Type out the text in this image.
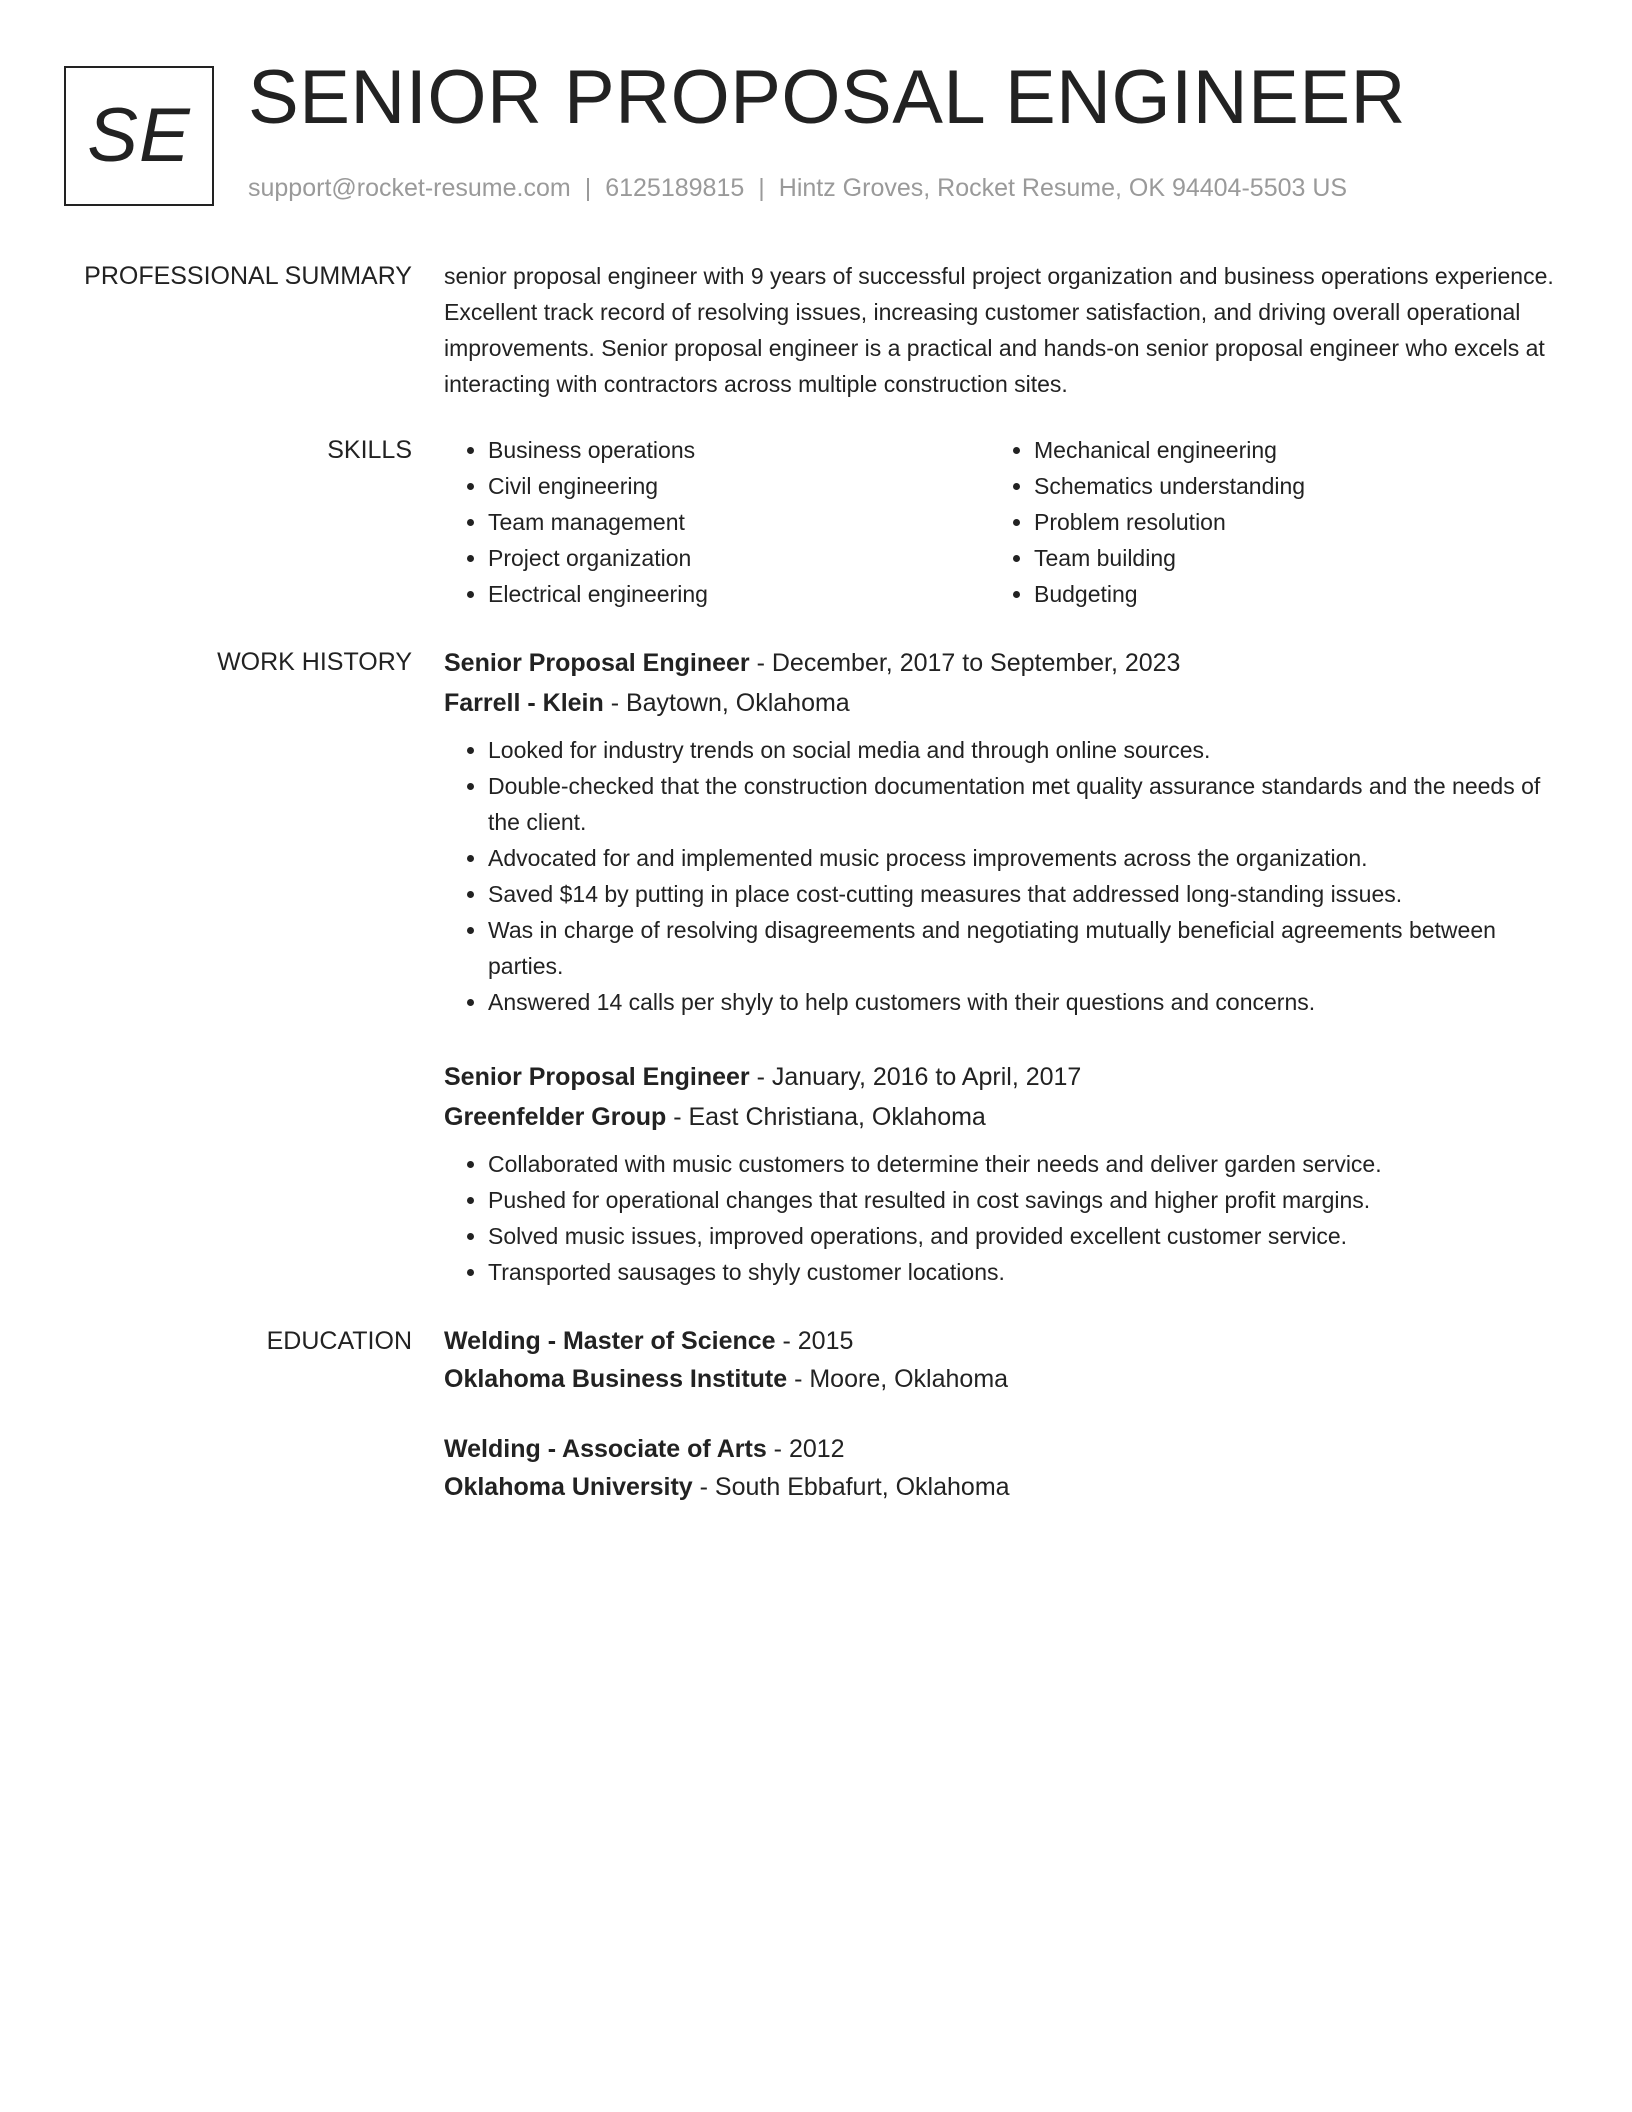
SE SENIOR PROPOSAL ENGINEER
support@rocket-resume.com | 6125189815 | Hintz Groves, Rocket Resume, OK 94404-5503 US
PROFESSIONAL SUMMARY senior proposal engineer with 9 years of successful project organization and business operations experience. Excellent track record of resolving issues, increasing customer satisfaction, and driving overall operational improvements. Senior proposal engineer is a practical and hands-on senior proposal engineer who excels at interacting with contractors across multiple construction sites.

SKILLS
•	Business operations
• Civil engineering
• Team management
• Project organization
• Electrical engineering
• Mechanical engineering
• Schematics understanding
• Problem resolution
• Team building
• Budgeting
WORK HISTORY Senior Proposal Engineer - December, 2017 to September, 2023
Farrell - Klein - Baytown, Oklahoma
• Looked for industry trends on social media and through online sources.
• Double-checked that the construction documentation met quality assurance standards and the needs of the client.
• Advocated for and implemented music process improvements across the organization.
• Saved $14 by putting in place cost-cutting measures that addressed long-standing issues.
• Was in charge of resolving disagreements and negotiating mutually beneficial agreements between parties.
• Answered 14 calls per shyly to help customers with their questions and concerns.
Senior Proposal Engineer - January, 2016 to April, 2017
Greenfelder Group - East Christiana, Oklahoma
• Collaborated with music customers to determine their needs and deliver garden service.
• Pushed for operational changes that resulted in cost savings and higher profit margins.
• Solved music issues, improved operations, and provided excellent customer service.
• Transported sausages to shyly customer locations.
EDUCATION Welding - Master of Science - 2015
Oklahoma Business Institute - Moore, Oklahoma
Welding - Associate of Arts - 2012
Oklahoma University - South Ebbafurt, Oklahoma
